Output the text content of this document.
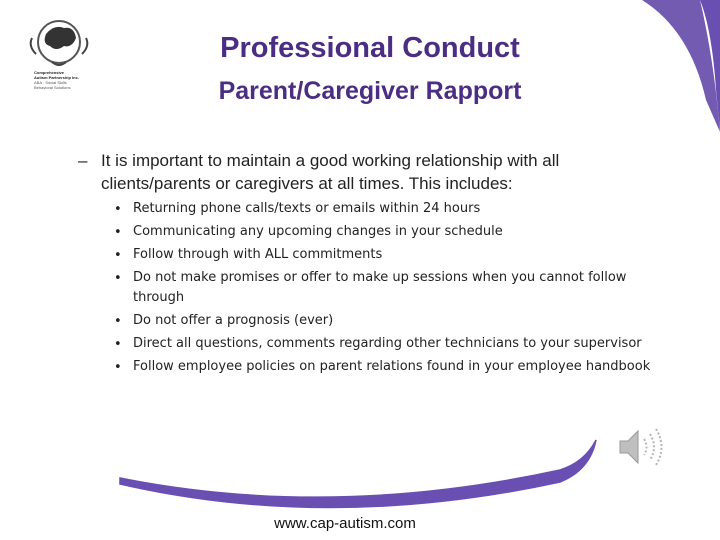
Comprehensive
Autism Partnership Inc.
ABA · Social Skills
Behavioral Solutions
Professional Conduct
Parent/Caregiver Rapport
– It is important to maintain a good working relationship with all clients/parents or caregivers at all times. This includes:
• Returning phone calls/texts or emails within 24 hours
• Communicating any upcoming changes in your schedule
• Follow through with ALL commitments
• Do not make promises or offer to make up sessions when you cannot follow through
• Do not offer a prognosis (ever)
• Direct all questions, comments regarding other technicians to your supervisor
• Follow employee policies on parent relations found in your employee handbook
www.cap-autism.com
